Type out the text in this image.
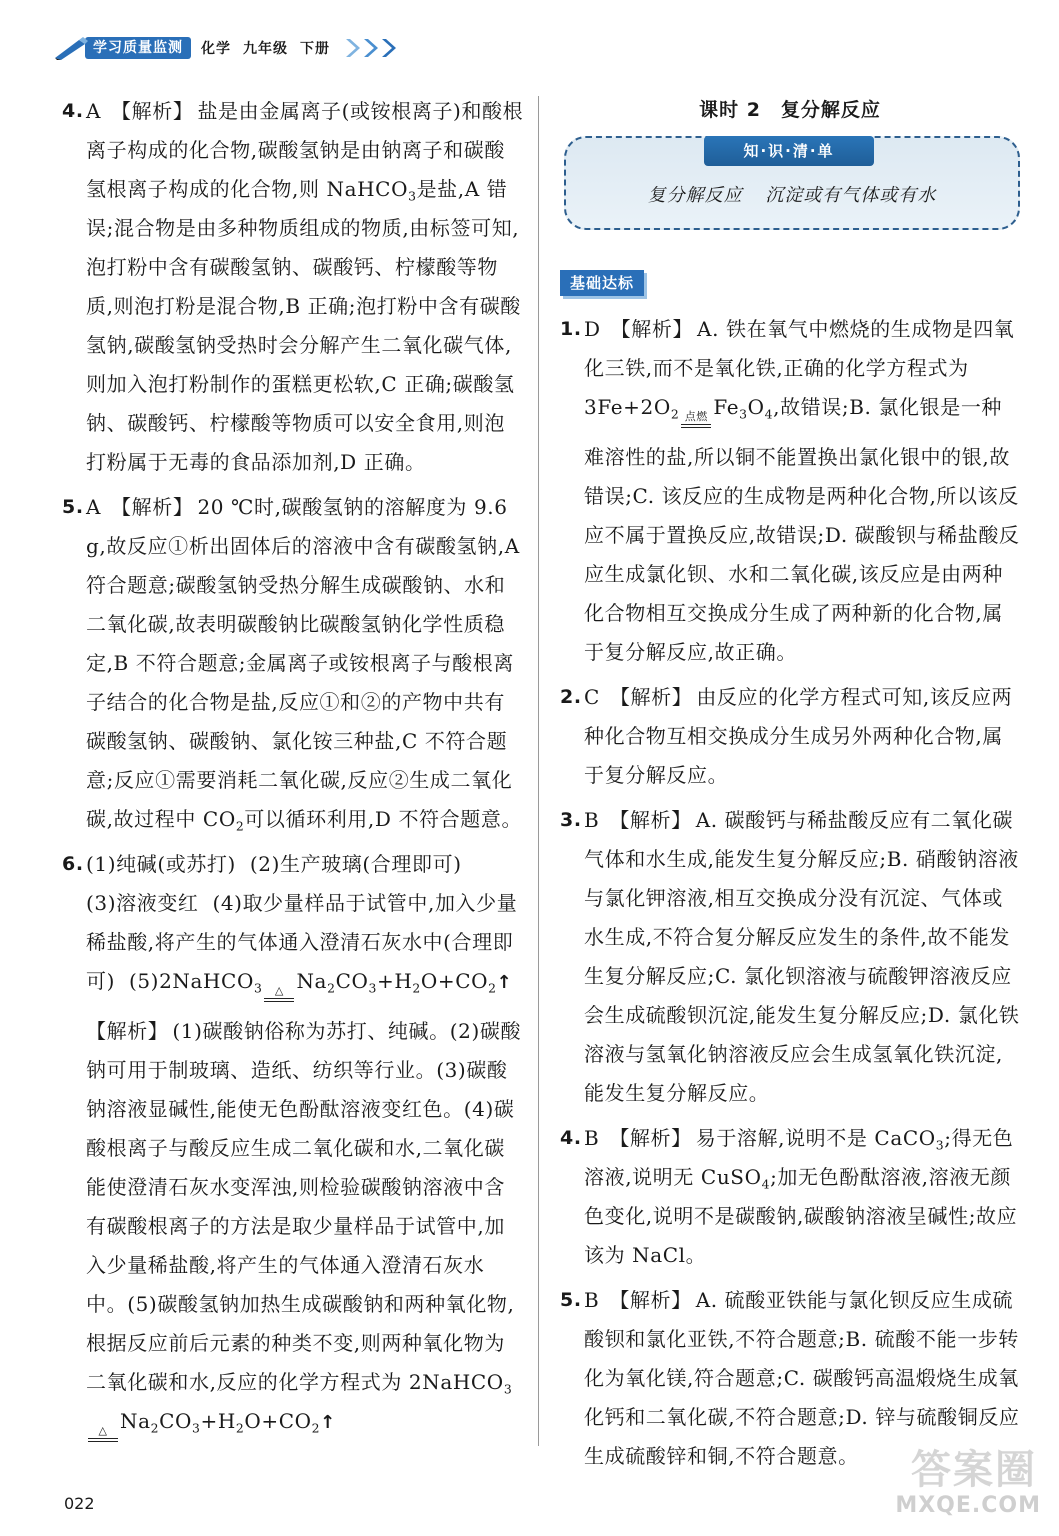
学习质量监测	化学 九年级 下册
4. A 【解析】 盐是由金属离子(或铵根离子)和酸根离子构成的化合物,碳酸氢钠是由钠离子和碳酸氢根离子构成的化合物,则 NaHCO$_3$是盐,A 错误;混合物是由多种物质组成的物质,由标签可知,泡打粉中含有碳酸氢钠、碳酸钙、柠檬酸等物质,则泡打粉是混合物,B 正确;泡打粉中含有碳酸氢钠,碳酸氢钠受热时会分解产生二氧化碳气体,则加入泡打粉制作的蛋糕更松软,C 正确;碳酸氢钠、碳酸钙、柠檬酸等物质可以安全食用,则泡打粉属于无毒的食品添加剂,D 正确。
5. A 【解析】 20 ℃时,碳酸氢钠的溶解度为 9.6 g,故反应①析出固体后的溶液中含有碳酸氢钠,A 符合题意;碳酸氢钠受热分解生成碳酸钠、水和二氧化碳,故表明碳酸钠比碳酸氢钠化学性质稳定,B 不符合题意;金属离子或铵根离子与酸根离子结合的化合物是盐,反应①和②的产物中共有碳酸氢钠、碳酸钠、氯化铵三种盐,C 不符合题意;反应①需要消耗二氧化碳,反应②生成二氧化碳,故过程中 $CO_2$可以循环利用,D 不符合题意。
6. (1)纯碱(或苏打) (2)生产玻璃(合理即可)
(3)溶液变红 (4)取少量样品于试管中,加入少量稀盐酸,将产生的气体通入澄清石灰水中(合理即可) (5)2NaHCO$_3$ △ $Na_2CO_3+H_2O+CO_2↑$
【解析】 (1)碳酸钠俗称为苏打、纯碱。(2)碳酸钠可用于制玻璃、造纸、纺织等行业。(3)碳酸钠溶液显碱性,能使无色酚酞溶液变红色。(4)碳酸根离子与酸反应生成二氧化碳和水,二氧化碳能使澄清石灰水变浑浊,则检验碳酸钠溶液中含有碳酸根离子的方法是取少量样品于试管中,加入少量稀盐酸,将产生的气体通入澄清石灰水中。(5)碳酸氢钠加热生成碳酸钠和两种氧化物,根据反应前后元素的种类不变,则两种氧化物为二氧化碳和水,反应的化学方程式为 2NaHCO$_3$
△ $Na_2CO_3+H_2O+CO_2↑$
课时 2　复分解反应
知·识·清·单
复分解反应 沉淀或有气体或有水
基础达标
1. D 【解析】 A. 铁在氧气中燃烧的生成物是四氧化三铁,而不是氧化铁,正确的化学方程式为 $3Fe+2O_2$ 点燃 $Fe_3O_4$,故错误;B. 氯化银是一种难溶性的盐,所以铜不能置换出氯化银中的银,故错误;C. 该反应的生成物是两种化合物,所以该反应不属于置换反应,故错误;D. 碳酸钡与稀盐酸反应生成氯化钡、水和二氧化碳,该反应是由两种化合物相互交换成分生成了两种新的化合物,属于复分解反应,故正确。
2. C 【解析】 由反应的化学方程式可知,该反应两种化合物互相交换成分生成另外两种化合物,属于复分解反应。
3. B 【解析】 A. 碳酸钙与稀盐酸反应有二氧化碳气体和水生成,能发生复分解反应;B. 硝酸钠溶液与氯化钾溶液,相互交换成分没有沉淀、气体或水生成,不符合复分解反应发生的条件,故不能发生复分解反应;C. 氯化钡溶液与硫酸钾溶液反应会生成硫酸钡沉淀,能发生复分解反应;D. 氯化铁溶液与氢氧化钠溶液反应会生成氢氧化铁沉淀,能发生复分解反应。
4. B 【解析】 易于溶解,说明不是 CaCO$_3$;得无色溶液,说明无 CuSO$_4$;加无色酚酞溶液,溶液无颜色变化,说明不是碳酸钠,碳酸钠溶液呈碱性;故应该为 NaCl。
5. B 【解析】 A. 硫酸亚铁能与氯化钡反应生成硫酸钡和氯化亚铁,不符合题意;B. 硫酸不能一步转化为氧化镁,符合题意;C. 碳酸钙高温煅烧生成氧化钙和二氧化碳,不符合题意;D. 锌与硫酸铜反应生成硫酸锌和铜,不符合题意。
022
答案圈
MXQE.COM
